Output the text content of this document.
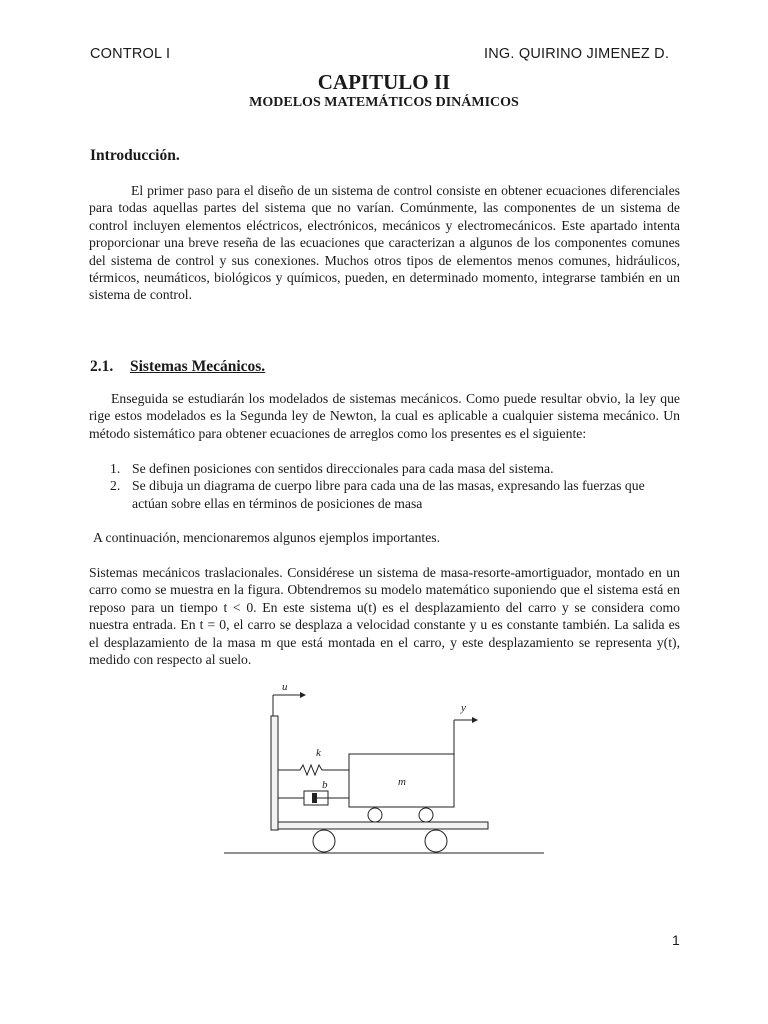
CONTROL I	ING. QUIRINO JIMENEZ D.
CAPITULO II
MODELOS MATEMÁTICOS DINÁMICOS
Introducción.

El primer paso para el diseño de un sistema de control consiste en obtener ecuaciones diferenciales para todas aquellas partes del sistema que no varían. Comúnmente, las componentes de un sistema de control incluyen elementos eléctricos, electrónicos, mecánicos y electromecánicos. Este apartado intenta proporcionar una breve reseña de las ecuaciones que caracterizan a algunos de los componentes comunes del sistema de control y sus conexiones. Muchos otros tipos de elementos menos comunes, hidráulicos, térmicos, neumáticos, biológicos y químicos, pueden, en determinado momento, integrarse también en un sistema de control.

2.1. Sistemas Mecánicos.

Enseguida se estudiarán los modelados de sistemas mecánicos. Como puede resultar obvio, la ley que rige estos modelados es la Segunda ley de Newton, la cual es aplicable a cualquier sistema mecánico. Un método sistemático para obtener ecuaciones de arreglos como los presentes es el siguiente:

1. Se definen posiciones con sentidos direccionales para cada masa del sistema.
2. Se dibuja un diagrama de cuerpo libre para cada una de las masas, expresando las fuerzas que actúan sobre ellas en términos de posiciones de masa
A continuación, mencionaremos algunos ejemplos importantes.

Sistemas mecánicos traslacionales. Considérese un sistema de masa-resorte-amortiguador, montado en un carro como se muestra en la figura. Obtendremos su modelo matemático suponiendo que el sistema está en reposo para un tiempo t < 0. En este sistema u(t) es el desplazamiento del carro y se considera como nuestra entrada. En t = 0, el carro se desplaza a velocidad constante y u es constante también. La salida es el desplazamiento de la masa m que está montada en el carro, y este desplazamiento se representa y(t), medido con respecto al suelo.

u
m
y
k
b
1
